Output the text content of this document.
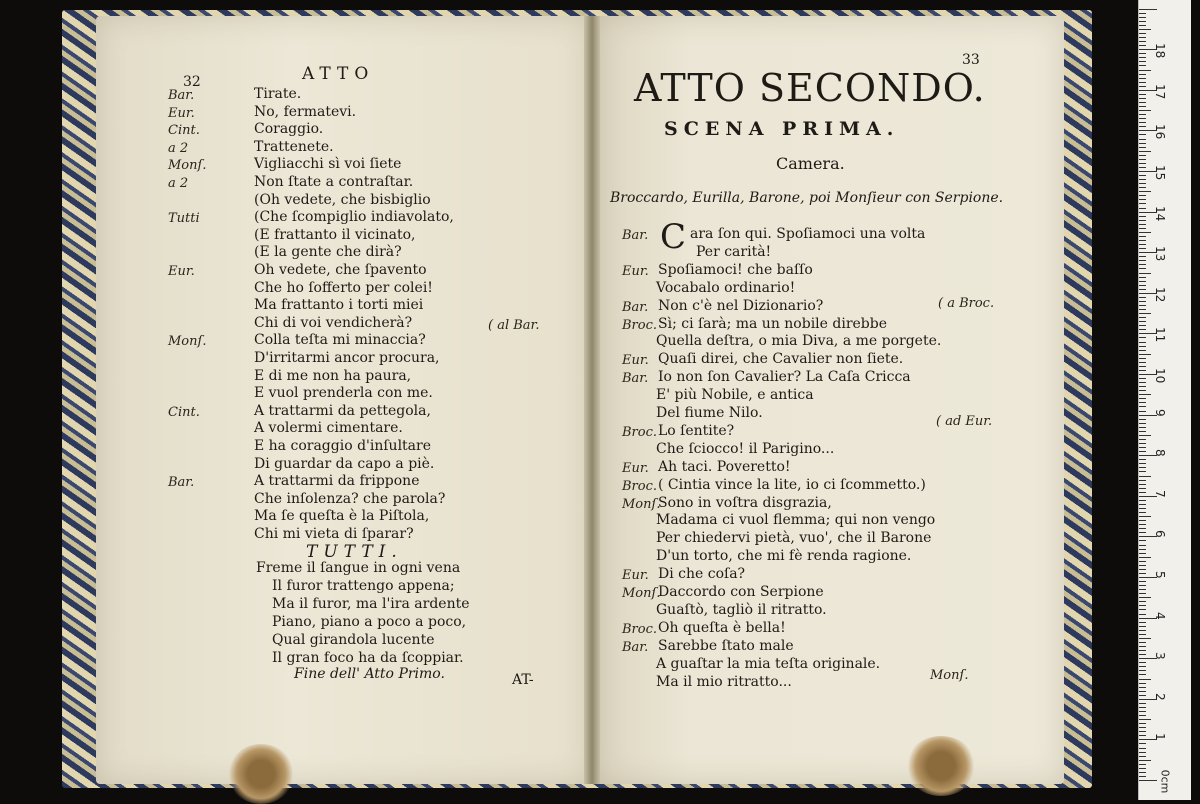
1
2
3
4
5
6
7
8
9
10
11
12
13
14
15
16
17
18
0cm
32	ATTO
Bar.	Tirate.
Eur.	No, fermatevi.
Cint.	Coraggio.
a 2	Trattenete.
Monſ.	Vigliacchi sì voi ſiete
a 2	Non ſtate a contraſtar.
(Oh vedete, che bisbiglio
Tutti	(Che ſcompiglio indiavolato,
(E frattanto il vicinato,
(E la gente che dirà?
Eur.	Oh vedete, che ſpavento
Che ho ſofferto per colei!
Ma frattanto i torti miei
Chi di voi vendicherà?
Monſ.	Colla teſta mi minaccia?
D'irritarmi ancor procura,
E di me non ha paura,
E vuol prenderla con me.
Cint.	A trattarmi da pettegola,
A volermi cimentare.
E ha coraggio d'inſultare
Di guardar da capo a piè.
Bar.	A trattarmi da frippone
Che inſolenza? che parola?
Ma ſe queſta è la Piſtola,
Chi mi vieta di ſparar?
( al Bar.
TUTTI.
Freme il ſangue in ogni vena
Il furor trattengo appena;
Ma il furor, ma l'ira ardente
Piano, piano a poco a poco,
Qual girandola lucente
Il gran foco ha da ſcoppiar.
Fine dell' Atto Primo.	AT-
33
ATTO SECONDO.
SCENA PRIMA.
Camera.
Broccardo, Eurilla, Barone, poi Monſieur con Serpione.
Bar. C ara ſon qui. Spoſiamoci una volta
Per carità!
Eur. Spoſiamoci! che baſſo
Vocabalo ordinario!
Bar. Non c'è nel Dizionario?
Broc. Sì; ci ſarà; ma un nobile direbbe
Quella deſtra, o mia Diva, a me porgete.
Eur. Quaſi direi, che Cavalier non ſiete.
Bar. Io non ſon Cavalier? La Caſa Cricca
E' più Nobile, e antica
Del fiume Nilo.
Broc. Lo ſentite?
Che ſciocco! il Parigino...
Eur. Ah taci. Poveretto!
Broc. ( Cintia vince la lite, io ci ſcommetto.)
Monſ.
Sono in voſtra disgrazia,
Madama ci vuol flemma; qui non vengo
Per chiedervi pietà, vuo', che il Barone
D'un torto, che mi fè renda ragione.
Eur. Di che coſa?
Monſ.
Daccordo con Serpione
Guaſtò, tagliò il ritratto.
Broc. Oh queſta è bella!
Bar. Sarebbe ſtato male
A guaſtar la mia teſta originale.
Ma il mio ritratto...
( a Broc.
( ad Eur.
Monſ.
